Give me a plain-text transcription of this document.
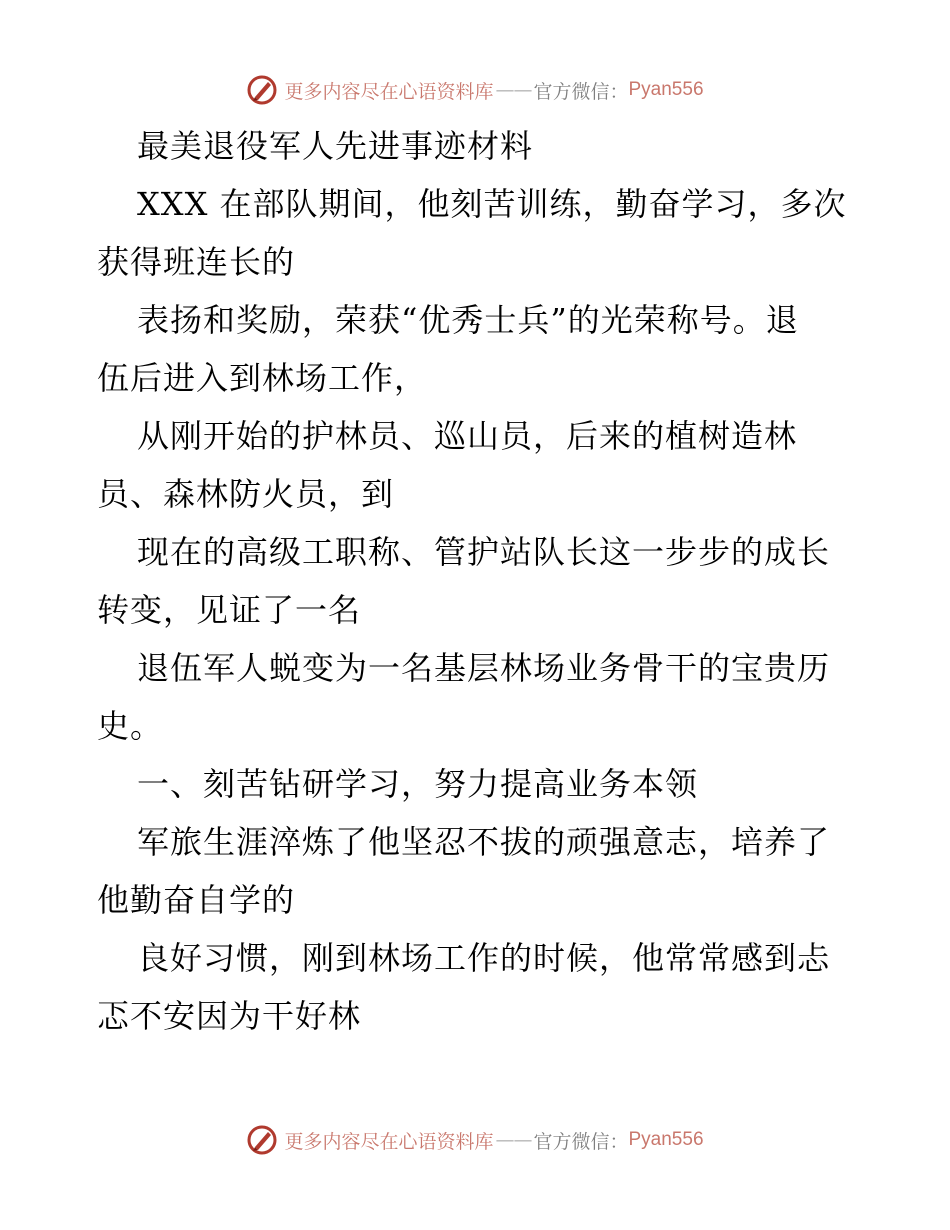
更多内容尽在心语资料库 —— 官方微信： Pyan556
最美退役军人先进事迹材料
XXX 在部队期间，他刻苦训练，勤奋学习，多次
获得班连长的
表扬和奖励，荣获“优秀士兵”的光荣称号。退
伍后进入到林场工作，
从刚开始的护林员、巡山员，后来的植树造林
员、森林防火员，到
现在的高级工职称、管护站队长这一步步的成长
转变，见证了一名
退伍军人蜕变为一名基层林场业务骨干的宝贵历
史。
一、刻苦钻研学习，努力提高业务本领
军旅生涯淬炼了他坚忍不拔的顽强意志，培养了
他勤奋自学的
良好习惯，刚到林场工作的时候，他常常感到忐
忑不安因为干好林
更多内容尽在心语资料库 —— 官方微信： Pyan556
